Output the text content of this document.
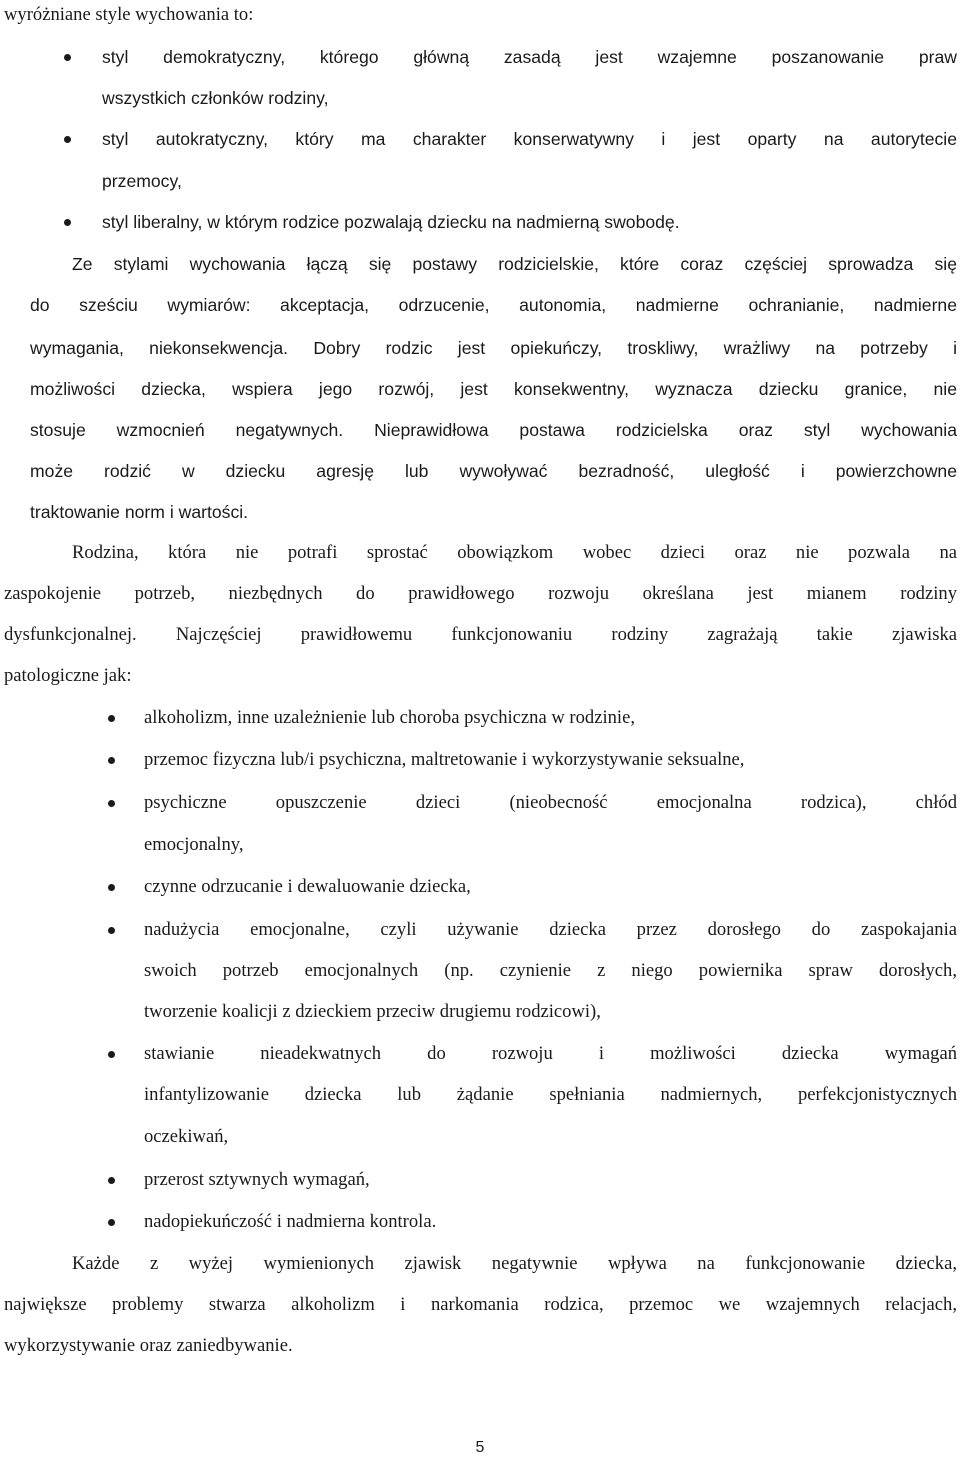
wyróżniane style wychowania to:
styl demokratyczny, którego główną zasadą jest wzajemne poszanowanie praw
wszystkich członków rodziny,
styl autokratyczny, który ma charakter konserwatywny i jest oparty na autorytecie
przemocy,
styl liberalny, w którym rodzice pozwalają dziecku na nadmierną swobodę.
Ze stylami wychowania łączą się postawy rodzicielskie, które coraz częściej sprowadza się
do sześciu wymiarów: akceptacja, odrzucenie, autonomia, nadmierne ochranianie, nadmierne
wymagania, niekonsekwencja. Dobry rodzic jest opiekuńczy, troskliwy, wrażliwy na potrzeby i
możliwości dziecka, wspiera jego rozwój, jest konsekwentny, wyznacza dziecku granice, nie
stosuje wzmocnień negatywnych. Nieprawidłowa postawa rodzicielska oraz styl wychowania
może rodzić w dziecku agresję lub wywoływać bezradność, uległość i powierzchowne
traktowanie norm i wartości.
Rodzina, która nie potrafi sprostać obowiązkom wobec dzieci oraz nie pozwala na
zaspokojenie potrzeb, niezbędnych do prawidłowego rozwoju określana jest mianem rodziny
dysfunkcjonalnej. Najczęściej prawidłowemu funkcjonowaniu rodziny zagrażają takie zjawiska
patologiczne jak:
alkoholizm, inne uzależnienie lub choroba psychiczna w rodzinie,
przemoc fizyczna lub/i psychiczna, maltretowanie i wykorzystywanie seksualne,
psychiczne opuszczenie dzieci (nieobecność emocjonalna rodzica), chłód
emocjonalny,
czynne odrzucanie i dewaluowanie dziecka,
nadużycia emocjonalne, czyli używanie dziecka przez dorosłego do zaspokajania
swoich potrzeb emocjonalnych (np. czynienie z niego powiernika spraw dorosłych,
tworzenie koalicji z dzieckiem przeciw drugiemu rodzicowi),
stawianie nieadekwatnych do rozwoju i możliwości dziecka wymagań
infantylizowanie dziecka lub żądanie spełniania nadmiernych, perfekcjonistycznych
oczekiwań,
przerost sztywnych wymagań,
nadopiekuńczość i nadmierna kontrola.
Każde z wyżej wymienionych zjawisk negatywnie wpływa na funkcjonowanie dziecka,
największe problemy stwarza alkoholizm i narkomania rodzica, przemoc we wzajemnych relacjach,
wykorzystywanie oraz zaniedbywanie.
5
